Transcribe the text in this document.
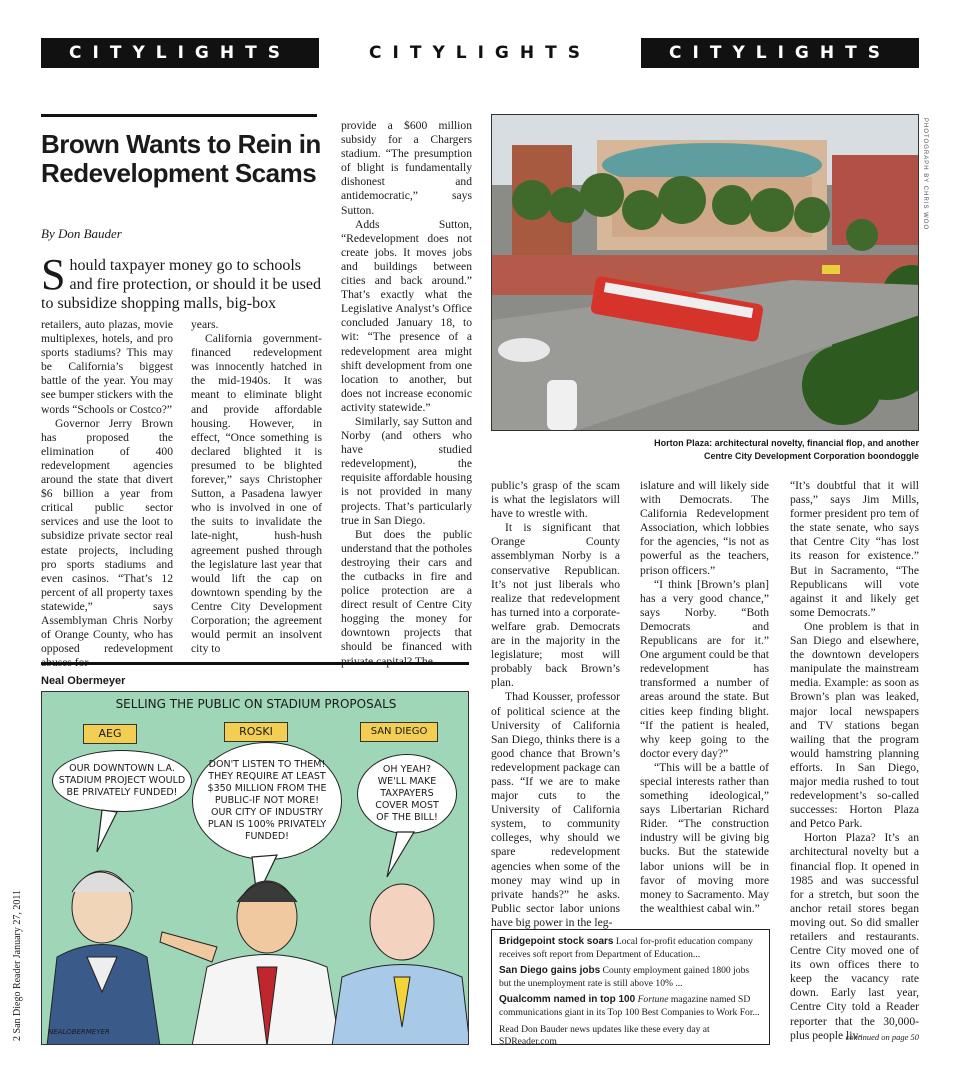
CITYLIGHTS	CITYLIGHTS	CITYLIGHTS
Brown Wants to Rein in Redevelopment Scams
By Don Bauder
Should taxpayer money go to schools and fire protection, or should it be used to subsidize shopping malls, big-box

retailers, auto plazas, movie multiplexes, hotels, and pro sports stadiums? This may be California’s biggest battle of the year. You may see bumper stickers with the words “Schools or Costco?”

Governor Jerry Brown has proposed the elimination of 400 redevelopment agencies around the state that divert $6 billion a year from critical public sector services and use the loot to subsidize private sector real estate projects, including pro sports stadiums and even casinos. “That’s 12 percent of all property taxes statewide,” says Assemblyman Chris Norby of Orange County, who has opposed redevelopment

years.

California government-financed redevelopment was innocently hatched in the mid-1940s. It was meant to eliminate blight and provide affordable housing. However, in effect, “Once something is declared blighted it is presumed to be blighted forever,” says Christopher Sutton, a Pasadena lawyer who is involved in one of the suits to invalidate the late-night, hush-hush agreement pushed through the legislature last year that would lift the cap on downtown spending by the Centre City Development Corporation; the agreement would permit an insolvent city to

provide a $600 million subsidy for a Chargers stadium. “The presumption of blight is fundamentally dishonest and antidemocratic,” says Sutton.

Adds Sutton, “Redevelopment does not create jobs. It moves jobs and buildings between cities and back around.” That’s exactly what the Legislative Analyst’s Office concluded January 18, to wit: “The presence of a redevelopment area might shift development from one location to another, but does not increase economic activity statewide.”

Similarly, say Sutton and Norby (and others who have studied redevelopment), the requisite affordable housing is not provided in many projects. That’s particularly true in San Diego.

But does the public understand that the potholes destroying their cars and the cutbacks in fire and police protection are a direct result of Centre City hogging the money for downtown projects that should be financed with

PHOTOGRAPH BY CHRIS WOO
Horton Plaza: architectural novelty, financial flop, and another
Centre City Development Corporation boondoggle

public’s grasp of the scam is what the legislators will have to wrestle with.

It is significant that Orange County assemblyman Norby is a conservative Republican. It’s not just liberals who realize that redevelopment has turned into a corporate-welfare grab. Democrats are in the majority in the legislature; most will probably back Brown’s plan.

Thad Kousser, professor of political science at the University of California San Diego, thinks there is a good chance that Brown’s redevelopment package can pass. “If we are to make major cuts to the University of California system, to community colleges, why should we spare redevelopment agencies when some of the money may wind up in private hands?” he asks. Public sector labor unions have big power in the leg-

islature and will likely side with Democrats. The California Redevelopment Association, which lobbies for the agencies, “is not as powerful as the teachers, prison officers.”

“I think [Brown’s plan] has a very good chance,” says Norby. “Both Democrats and Republicans are for it.” One argument could be that redevelopment has transformed a number of areas around the state. But cities keep finding blight. “If the patient is healed, why keep going to the doctor every day?”

“This will be a battle of special interests rather than something ideological,” says Libertarian Richard Rider. “The construction industry will be giving big bucks. But the statewide labor unions will be in favor of moving more money to Sacramento. May the wealthiest cabal win.”

“It’s doubtful that it will pass,” says Jim Mills, former president pro tem of the state senate, who says that Centre City “has lost its reason for existence.” But in Sacramento, “The Republicans will vote against it and likely get some Democrats.”

One problem is that in San Diego and elsewhere, the downtown developers manipulate the mainstream media. Example: as soon as Brown’s plan was leaked, major local newspapers and TV stations began wailing that the program would hamstring planning efforts. In San Diego, major media rushed to tout redevelopment’s so-called successes: Horton Plaza and Petco Park.

Horton Plaza? It’s an architectural novelty but a financial flop. It opened in 1985 and was successful for a stretch, but soon the anchor retail stores began moving out. So did smaller retailers and restaurants. Centre City moved one of its own offices there to keep the vacancy rate down. Early last year, Centre City told a Reader reporter that the 30,000-plus people liv-

continued on page 50
Neal Obermeyer
SELLING THE PUBLIC ON STADIUM PROPOSALS
AEG	ROSKI	SAN DIEGO
OUR DOWNTOWN L.A. STADIUM PROJECT WOULD BE PRIVATELY FUNDED!
DON'T LISTEN TO THEM! THEY REQUIRE AT LEAST $350 MILLION FROM THE PUBLIC-IF NOT MORE! OUR CITY OF INDUSTRY PLAN IS 100% PRIVATELY FUNDED!
OH YEAH? WE'LL MAKE TAXPAYERS COVER MOST OF THE BILL!
NEALOBERMEYER
2 San Diego Reader January 27, 2011	Bridgepoint stock soars Local for-profit education company receives soft report from Department of Education...
San Diego gains jobs County employment gained 1800 jobs but the unemployment rate is still above 10% ...
Qualcomm named in top 100 Fortune magazine named SD communications giant in its Top 100 Best Companies to Work For...
Read Don Bauder news updates like these every day at SDReader.com
